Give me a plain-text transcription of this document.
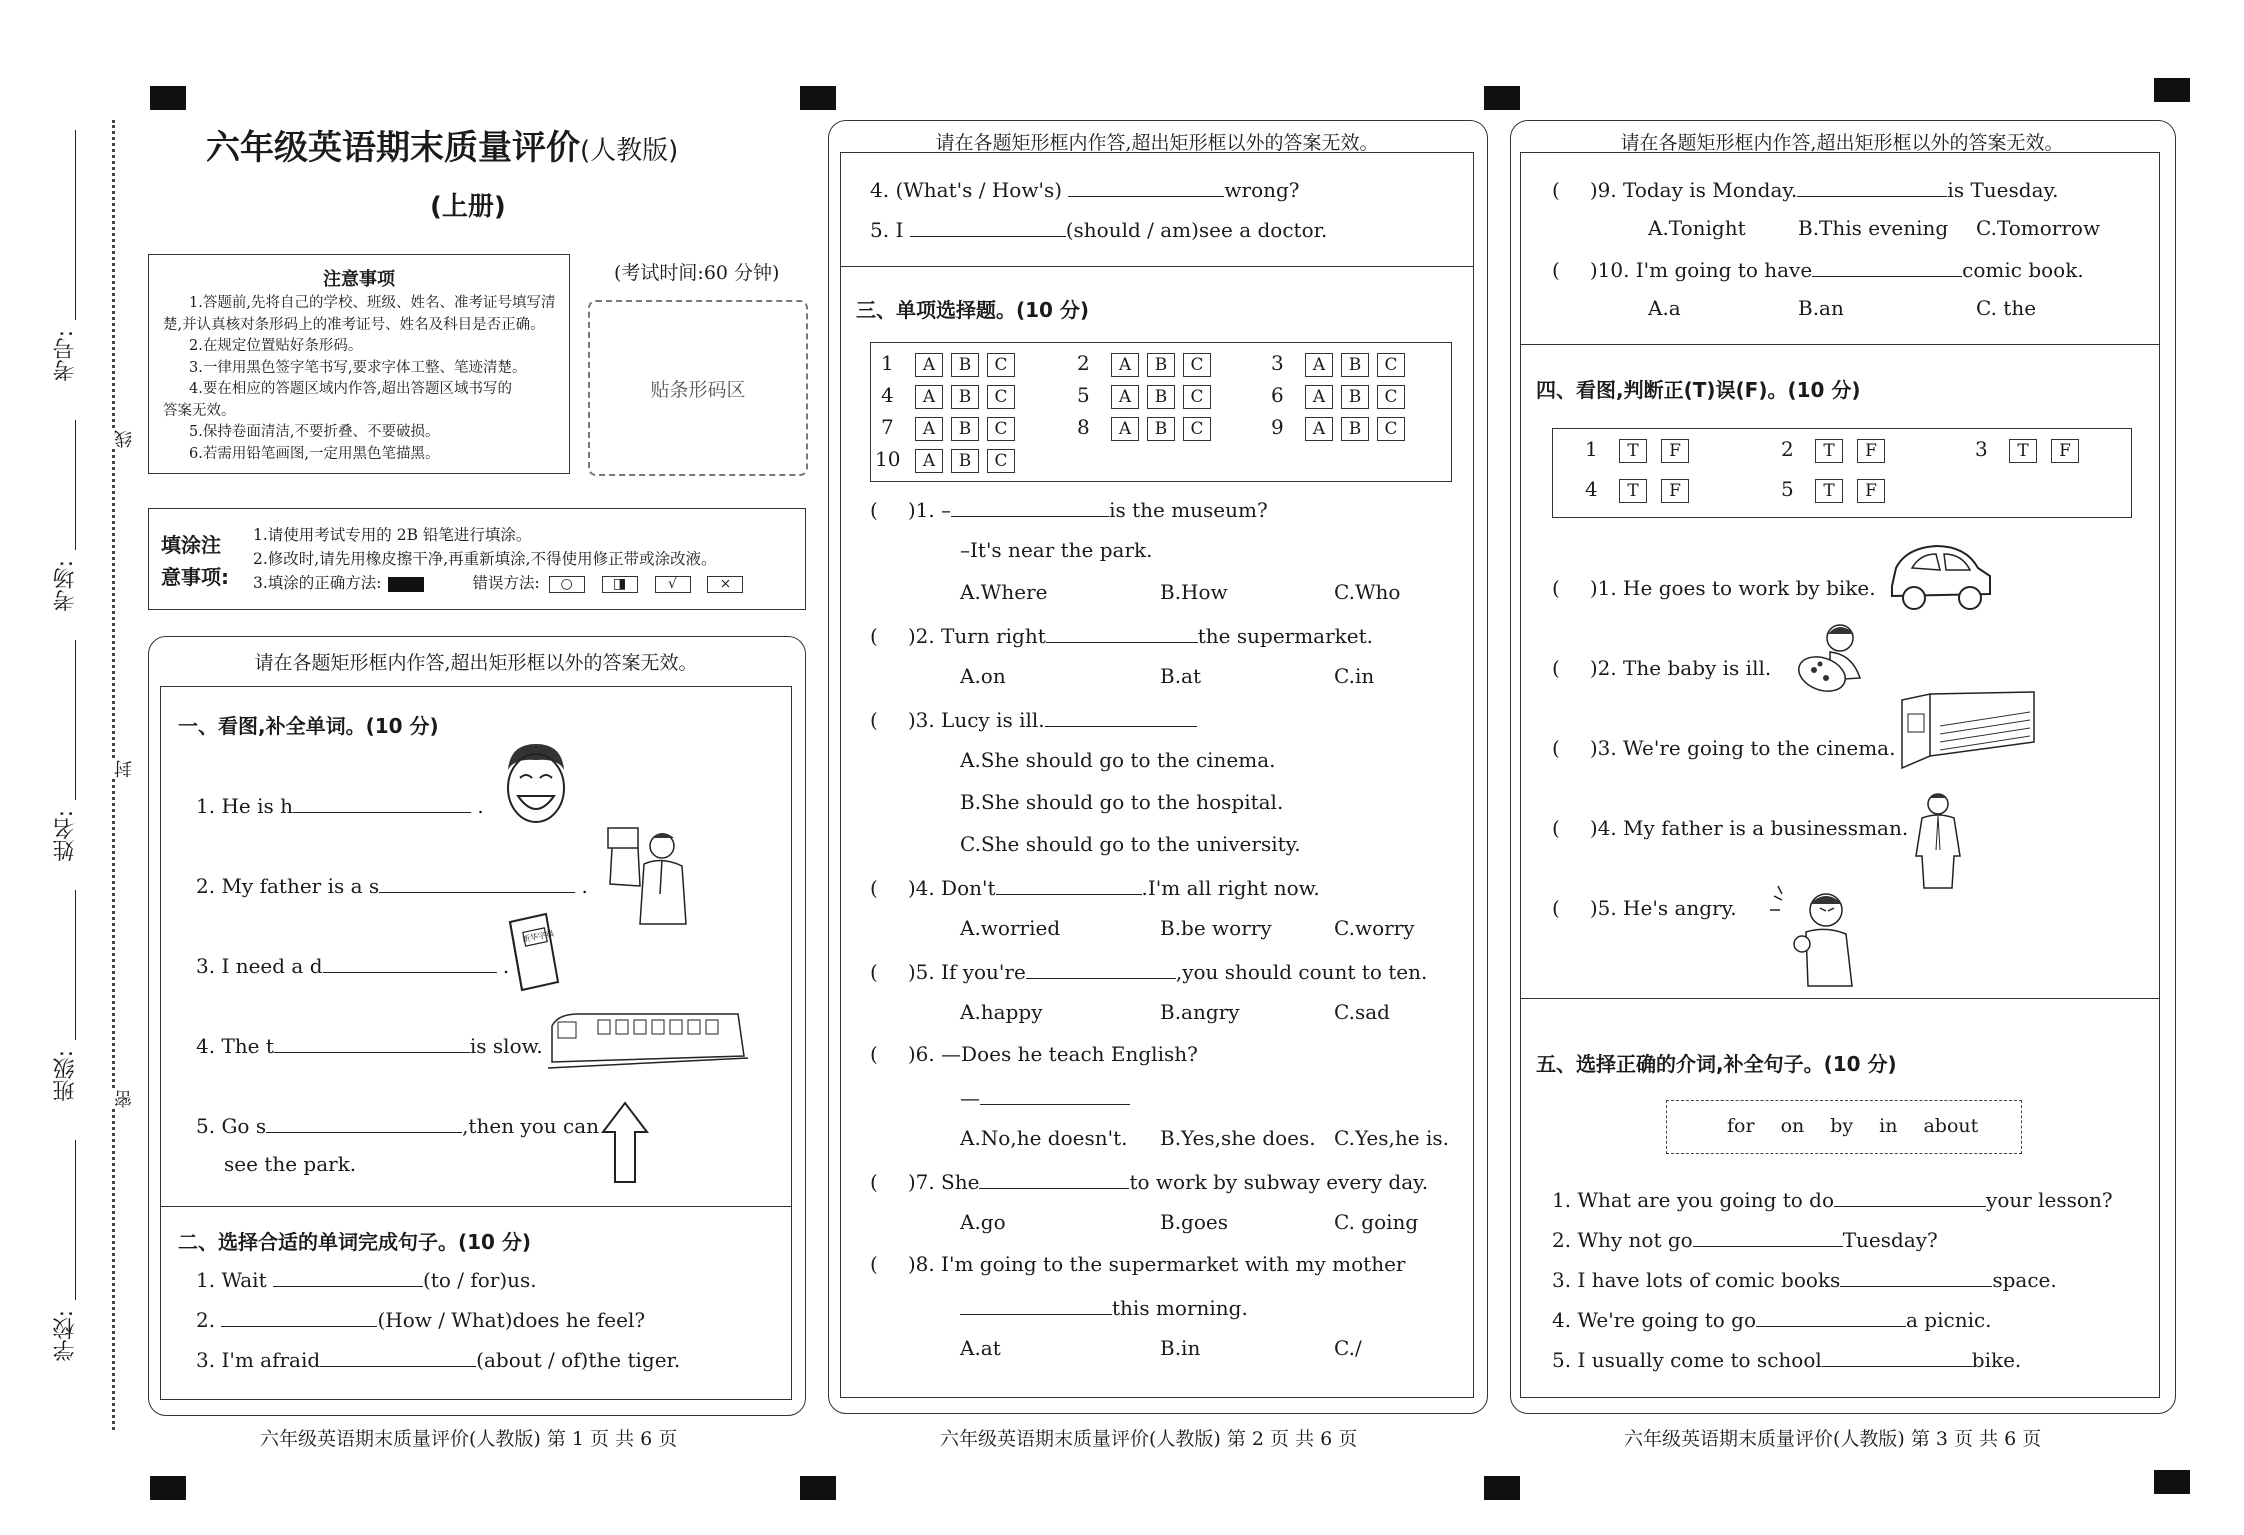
考号:
考场:
姓名:
班级:
学校:
线
封
密
六年级英语期末质量评价(人教版)
(上册)
注意事项
1.答题前,先将自己的学校、班级、姓名、准考证号填写清
楚,并认真核对条形码上的准考证号、姓名及科目是否正确。
2.在规定位置贴好条形码。
3.一律用黑色签字笔书写,要求字体工整、笔迹清楚。
4.要在相应的答题区域内作答,超出答题区域书写的
答案无效。
5.保持卷面清洁,不要折叠、不要破损。
6.若需用铅笔画图,一定用黑色笔描黑。
(考试时间:60 分钟)
贴条形码区
填涂注
意事项:
1.请使用考试专用的 2B 铅笔进行填涂。
2.修改时,请先用橡皮擦干净,再重新填涂,不得使用修正带或涂改液。
3.填涂的正确方法:	错误方法: ○	◨	√	×
请在各题矩形框内作答,超出矩形框以外的答案无效。
一、看图,补全单词。(10 分)
1. He is h	.
2. My father is a s	.
3. I need a d	.
4. The t	is slow.
5. Go s	,then you can
see the park.
新华字典
二、选择合适的单词完成句子。(10 分)
1. Wait	(to / for)us.
2.	(How / What)does he feel?
3. I'm afraid	(about / of)the tiger.
六年级英语期末质量评价(人教版) 第 1 页 共 6 页
请在各题矩形框内作答,超出矩形框以外的答案无效。
4. (What's / How's)	wrong?
5. I	(should / am)see a doctor.
三、单项选择题。(10 分)
1 A B C	2 A B C	3 A B C
4 A B C	5 A B C	6 A B C
7 A B C	8 A B C	9 A B C
10 A B C
( )1. –	is the museum?
–It's near the park.
A.Where	B.How	C.Who
( )2. Turn right	the supermarket.
A.on	B.at	C.in
( )3. Lucy is ill.
A.She should go to the cinema.
B.She should go to the hospital.
C.She should go to the university.
( )4. Don't	.I'm all right now.
A.worried	B.be worry	C.worry
( )5. If you're	,you should count to ten.
A.happy	B.angry	C.sad
( )6. —Does he teach English?
—
A.No,he doesn't. B.Yes,she does. C.Yes,he is.
( )7. She	to work by subway every day.
A.go	B.goes	C. going
( )8. I'm going to the supermarket with my mother
this morning.
A.at	B.in	C./
六年级英语期末质量评价(人教版) 第 2 页 共 6 页
请在各题矩形框内作答,超出矩形框以外的答案无效。
( )9. Today is Monday.	is Tuesday.
A.Tonight	B.This evening C.Tomorrow
( )10. I'm going to have	comic book.
A.a	B.an	C. the
四、看图,判断正(T)误(F)。(10 分)
1 T F	2 T F	3 T F
4 T F	5 T F
( )1. He goes to work by bike.
( )2. The baby is ill.
( )3. We're going to the cinema.
( )4. My father is a businessman.
( )5. He's angry.
五、选择正确的介词,补全句子。(10 分)
for on by in about
1. What are you going to do	your lesson?
2. Why not go	Tuesday?
3. I have lots of comic books	space.
4. We're going to go	a picnic.
5. I usually come to school	bike.
六年级英语期末质量评价(人教版) 第 3 页 共 6 页
